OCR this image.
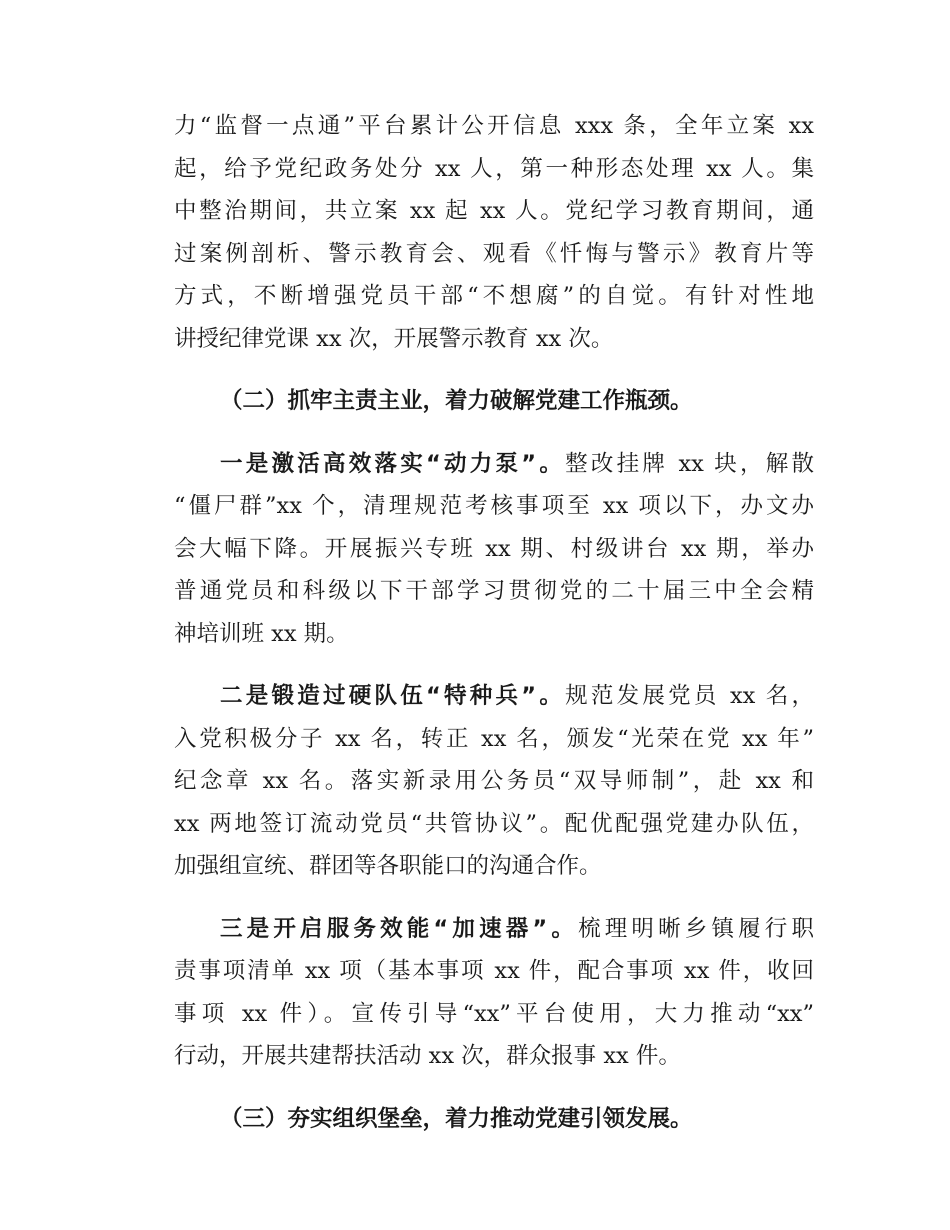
力“监督一点通”平台累计公开信息 xxx 条，全年立案 xx
起，给予党纪政务处分 xx 人，第一种形态处理 xx 人。集
中整治期间，共立案 xx 起 xx 人。党纪学习教育期间，通
过案例剖析、警示教育会、观看《忏悔与警示》教育片等
方式，不断增强党员干部“不想腐”的自觉。有针对性地
讲授纪律党课 xx 次，开展警示教育 xx 次。
（二）抓牢主责主业，着力破解党建工作瓶颈。
一是激活高效落实“动力泵”。整改挂牌 xx 块，解散
“僵尸群”xx 个，清理规范考核事项至 xx 项以下，办文办
会大幅下降。开展振兴专班 xx 期、村级讲台 xx 期，举办
普通党员和科级以下干部学习贯彻党的二十届三中全会精
神培训班 xx 期。
二是锻造过硬队伍“特种兵”。规范发展党员 xx 名，
入党积极分子 xx 名，转正 xx 名，颁发“光荣在党 xx 年”
纪念章 xx 名。落实新录用公务员“双导师制”，赴 xx 和
xx 两地签订流动党员“共管协议”。配优配强党建办队伍，
加强组宣统、群团等各职能口的沟通合作。
三是开启服务效能“加速器”。梳理明晰乡镇履行职
责事项清单 xx 项（基本事项 xx 件，配合事项 xx 件，收回
事项 xx 件）。宣传引导“xx”平台使用，大力推动“xx”
行动，开展共建帮扶活动 xx 次，群众报事 xx 件。
（三）夯实组织堡垒，着力推动党建引领发展。
